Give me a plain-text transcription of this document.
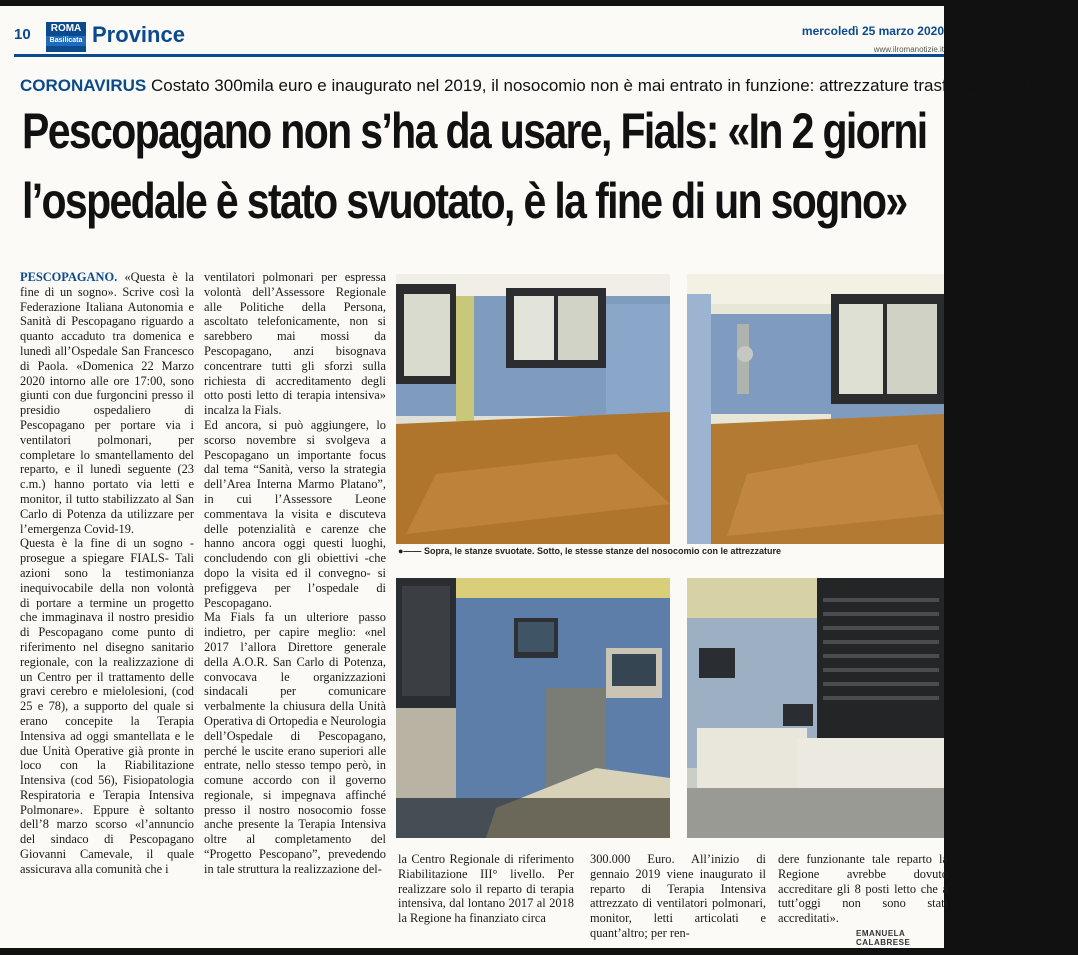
10	ROMA
Basilicata Province	mercoledì 25 marzo 2020
www.ilromanotizie.it
CORONAVIRUS Costato 300mila euro e inaugurato nel 2019, il nosocomio non è mai entrato in funzione: attrezzature trasferite al San Carlo
Pescopagano non s’ha da usare, Fials: «In 2 giorni
l’ospedale è stato svuotato, è la fine di un sogno»

PESCOPAGANO. «Questa è la fine di un sogno». Scrive così la Federazione Italiana Autonomia e Sanità di Pescopagano riguardo a quanto accaduto tra domenica e lunedì all’Ospedale San Francesco di Paola. «Domenica 22 Marzo 2020 intorno alle ore 17:00, sono giunti con due furgoncini presso il presidio ospedaliero di Pescopagano per portare via i ventilatori polmonari, per completare lo smantellamento del reparto, e il lunedì seguente (23 c.m.) hanno portato via letti e monitor, il tutto stabilizzato al San Carlo di Potenza da utilizzare per l’emergenza Covid-19.

Questa è la fine di un sogno - prosegue a spiegare FIALS- Tali azioni sono la testimonianza inequivocabile della non volontà di portare a termine un progetto che immaginava il nostro presidio di Pescopagano come punto di riferimento nel disegno sanitario regionale, con la realizzazione di un Centro per il trattamento delle gravi cerebro e mielolesioni, (cod 25 e 78), a supporto del quale si erano concepite la Terapia Intensiva ad oggi smantellata e le due Unità Operative già pronte in loco con la Riabilitazione Intensiva (cod 56), Fisiopatologia Respiratoria e Terapia Intensiva Polmonare». Eppure è soltanto dell’8 marzo scorso «l’annuncio del sindaco di Pescopagano Giovanni Camevale, il quale assicurava alla comunità che i

ventilatori polmonari per espressa volontà dell’Assessore Regionale alle Politiche della Persona, ascoltato telefonicamente, non si sarebbero mai mossi da Pescopagano, anzi bisognava concentrare tutti gli sforzi sulla richiesta di accreditamento degli otto posti letto di terapia intensiva» incalza la Fials.

Ed ancora, si può aggiungere, lo scorso novembre si svolgeva a Pescopagano un importante focus dal tema “Sanità, verso la strategia dell’Area Interna Marmo Platano”, in cui l’Assessore Leone commentava la visita e discuteva delle potenzialità e carenze che hanno ancora oggi questi luoghi, concludendo con gli obiettivi -che dopo la visita ed il convegno- si prefiggeva per l’ospedale di Pescopagano.

Ma Fials fa un ulteriore passo indietro, per capire meglio: «nel 2017 l’allora Direttore generale della A.O.R. San Carlo di Potenza, convocava le organizzazioni sindacali per comunicare verbalmente la chiusura della Unità Operativa di Ortopedia e Neurologia dell’Ospedale di Pescopagano, perché le uscite erano superiori alle entrate, nello stesso tempo però, in comune accordo con il governo regionale, si impegnava affinché presso il nostro nosocomio fosse anche presente la Terapia Intensiva oltre al completamento del “Progetto Pescopano”, prevedendo in tale struttura la realizzazione del-

●—— Sopra, le stanze svuotate. Sotto, le stesse stanze del nosocomio con le attrezzature

la Centro Regionale di riferimento Riabilitazione III° livello. Per realizzare solo il reparto di terapia intensiva, dal lontano 2017 al 2018 la Regione ha finanziato circa

300.000 Euro. All’inizio di gennaio 2019 viene inaugurato il reparto di Terapia Intensiva attrezzato di ventilatori polmonari, monitor, letti articolati e quant’altro; per ren-

dere funzionante tale reparto la Regione avrebbe dovuto accreditare gli 8 posti letto che a tutt’oggi non sono stati accreditati».

EMANUELA CALABRESE
